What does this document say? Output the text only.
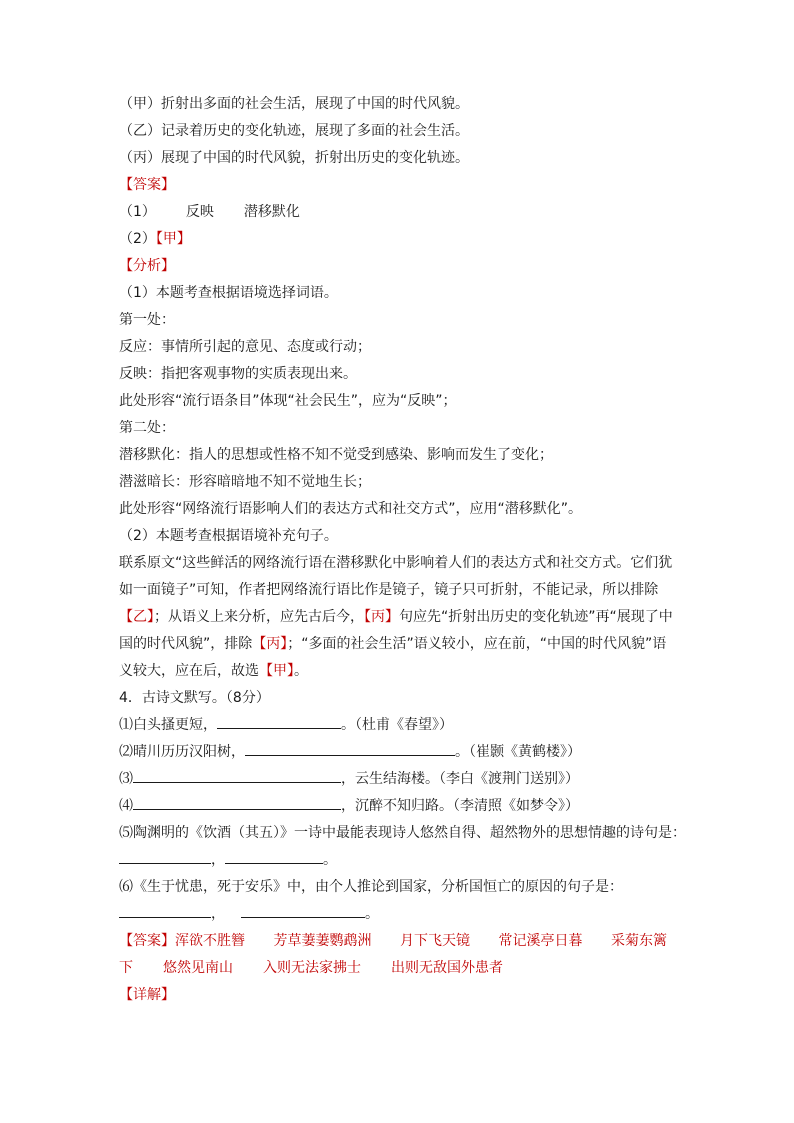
（甲）折射出多面的社会生活，展现了中国的时代风貌。
（乙）记录着历史的变化轨迹，展现了多面的社会生活。
（丙）展现了中国的时代风貌，折射出历史的变化轨迹。
【答案】
（1） 反映 潜移默化
（2）【甲】
【分析】
（1）本题考查根据语境选择词语。
第一处：
反应：事情所引起的意见、态度或行动；
反映：指把客观事物的实质表现出来。
此处形容“流行语条目”体现“社会民生”，应为“反映”；
第二处：
潜移默化：指人的思想或性格不知不觉受到感染、影响而发生了变化；
潜滋暗长：形容暗暗地不知不觉地生长；
此处形容“网络流行语影响人们的表达方式和社交方式”，应用“潜移默化”。
（2）本题考查根据语境补充句子。
联系原文“这些鲜活的网络流行语在潜移默化中影响着人们的表达方式和社交方式。它们犹如一面镜子”可知，作者把网络流行语比作是镜子，镜子只可折射，不能记录，所以排除【乙】；从语义上来分析，应先古后今，【丙】句应先“折射出历史的变化轨迹”再“展现了中国的时代风貌”，排除【丙】；“多面的社会生活”语义较小，应在前，“中国的时代风貌”语义较大，应在后，故选【甲】。
4．古诗文默写。（8分）
⑴白头搔更短，	。（杜甫《春望》）
⑵晴川历历汉阳树，	。（崔颢《黄鹤楼》）
⑶	，云生结海楼。（李白《渡荆门送别》）
⑷	，沉醉不知归路。（李清照《如梦令》）
⑸陶渊明的《饮酒（其五）》一诗中最能表现诗人悠然自得、超然物外的思想情趣的诗句是：
，	。
⑹《生于忧患，死于安乐》中，由个人推论到国家，分析国恒亡的原因的句子是：
，	。
【答案】浑欲不胜簪 芳草萋萋鹦鹉洲 月下飞天镜 常记溪亭日暮 采菊东篱
下 悠然见南山 入则无法家拂士 出则无敌国外患者
【详解】
